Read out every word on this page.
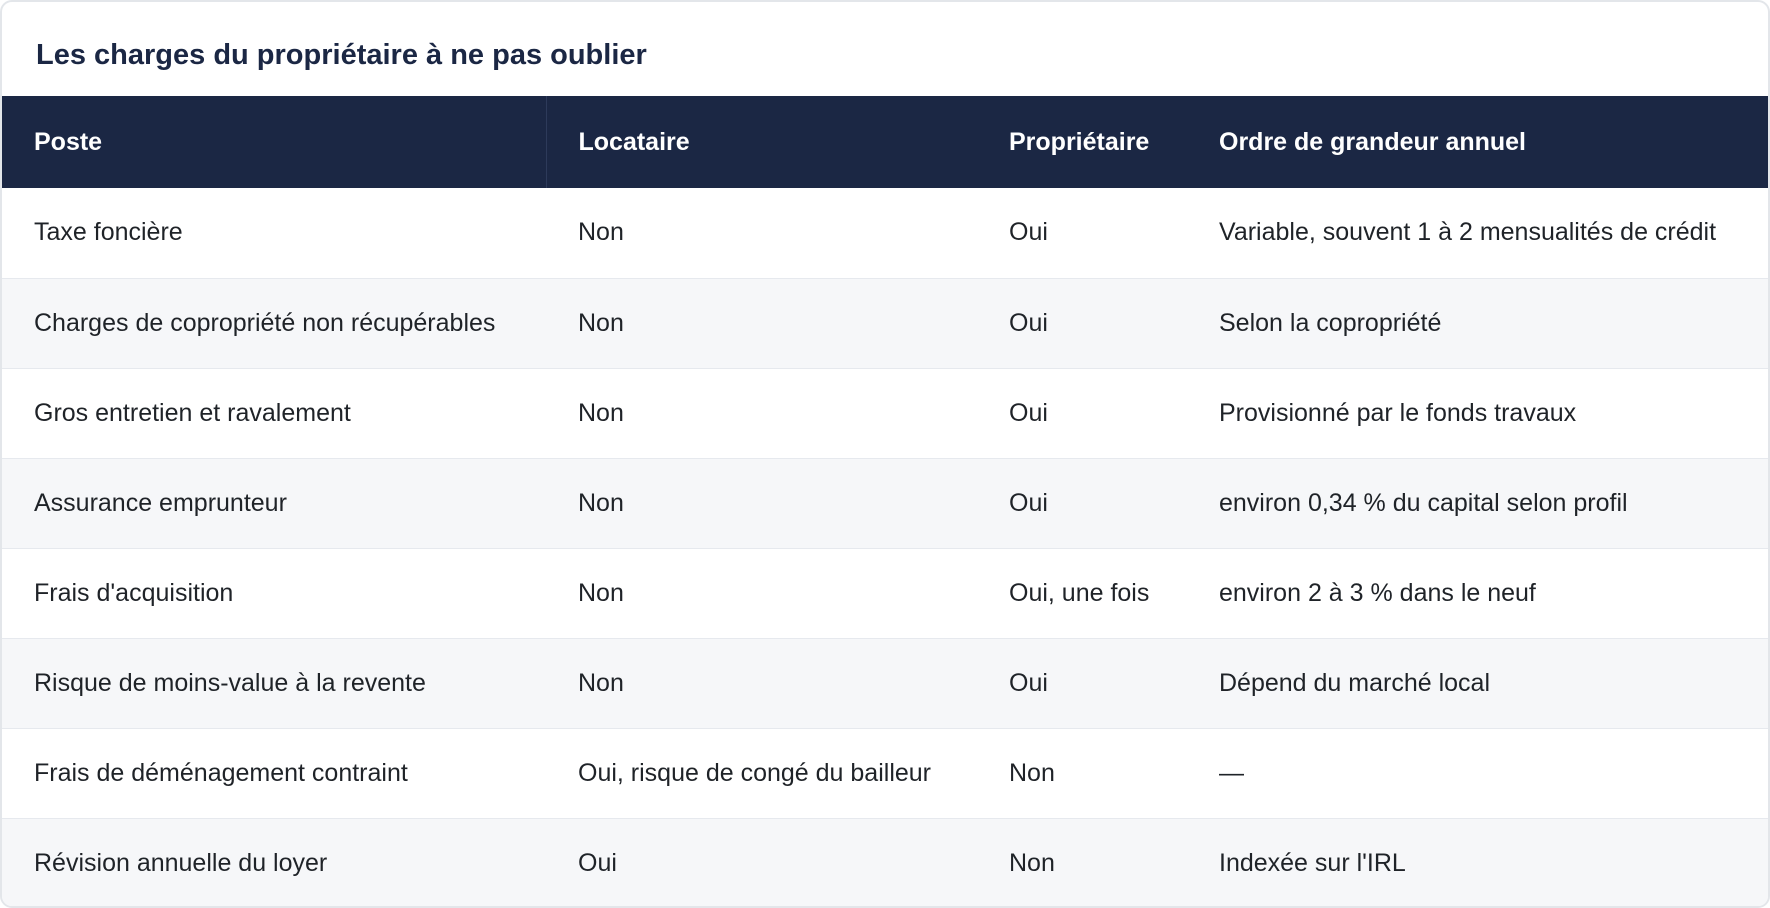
Les charges du propriétaire à ne pas oublier
Poste	Locataire	Propriétaire	Ordre de grandeur annuel
Taxe foncière	Non	Oui	Variable, souvent 1 à 2 mensualités de crédit
Charges de copropriété non récupérables	Non	Oui	Selon la copropriété
Gros entretien et ravalement	Non	Oui	Provisionné par le fonds travaux
Assurance emprunteur	Non	Oui	environ 0,34 % du capital selon profil
Frais d'acquisition	Non	Oui, une fois	environ 2 à 3 % dans le neuf
Risque de moins-value à la revente	Non	Oui	Dépend du marché local
Frais de déménagement contraint	Oui, risque de congé du bailleur	Non	—
Révision annuelle du loyer	Oui	Non	Indexée sur l'IRL
